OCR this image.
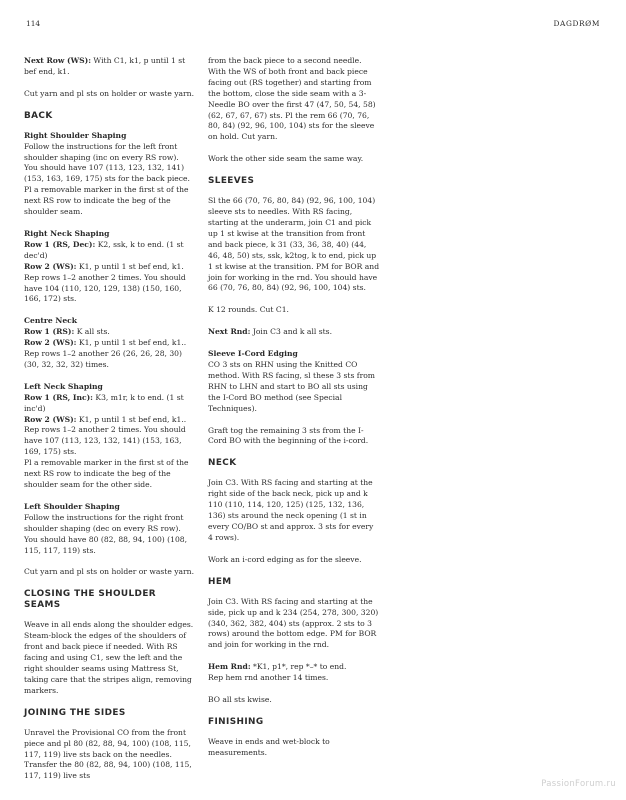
114	DAGDRØM

Next Row (WS): With C1, k1, p until 1 st bef end, k1.

Cut yarn and pl sts on holder or waste yarn.

BACK

Right Shoulder Shaping
Follow the instructions for the left front shoulder shaping (inc on every RS row). You should have 107 (113, 123, 132, 141) (153, 163, 169, 175) sts for the back piece.
Pl a removable marker in the first st of the next RS row to indicate the beg of the shoulder seam.

Right Neck Shaping
Row 1 (RS, Dec): K2, ssk, k to end. (1 st dec'd)
Row 2 (WS): K1, p until 1 st bef end, k1.
Rep rows 1–2 another 2 times. You should have 104 (110, 120, 129, 138) (150, 160, 166, 172) sts.

Centre Neck
Row 1 (RS): K all sts.
Row 2 (WS): K1, p until 1 st bef end, k1..
Rep rows 1–2 another 26 (26, 26, 28, 30) (30, 32, 32, 32) times.

Left Neck Shaping
Row 1 (RS, Inc): K3, m1r, k to end. (1 st inc'd)
Row 2 (WS): K1, p until 1 st bef end, k1..
Rep rows 1–2 another 2 times. You should have 107 (113, 123, 132, 141) (153, 163, 169, 175) sts.
Pl a removable marker in the first st of the next RS row to indicate the beg of the shoulder seam for the other side.

Left Shoulder Shaping
Follow the instructions for the right front shoulder shaping (dec on every RS row). You should have 80 (82, 88, 94, 100) (108, 115, 117, 119) sts.

Cut yarn and pl sts on holder or waste yarn.

CLOSING THE SHOULDER SEAMS

Weave in all ends along the shoulder edges. Steam-block the edges of the shoulders of front and back piece if needed. With RS facing and using C1, sew the left and the right shoulder seams using Mattress St, taking care that the stripes align, removing markers.

JOINING THE SIDES

Unravel the Provisional CO from the front piece and pl 80 (82, 88, 94, 100) (108, 115, 117, 119) live sts back on the needles. Transfer the 80 (82, 88, 94, 100) (108, 115, 117, 119) live sts

from the back piece to a second needle. With the WS of both front and back piece facing out (RS together) and starting from the bottom, close the side seam with a 3-Needle BO over the first 47 (47, 50, 54, 58) (62, 67, 67, 67) sts. Pl the rem 66 (70, 76, 80, 84) (92, 96, 100, 104) sts for the sleeve on hold. Cut yarn.

Work the other side seam the same way.

SLEEVES

Sl the 66 (70, 76, 80, 84) (92, 96, 100, 104) sleeve sts to needles. With RS facing, starting at the underarm, join C1 and pick up 1 st kwise at the transition from front and back piece, k 31 (33, 36, 38, 40) (44, 46, 48, 50) sts, ssk, k2tog, k to end, pick up 1 st kwise at the transition. PM for BOR and join for working in the rnd. You should have 66 (70, 76, 80, 84) (92, 96, 100, 104) sts.

K 12 rounds. Cut C1.

Next Rnd: Join C3 and k all sts.

Sleeve I-Cord Edging
CO 3 sts on RHN using the Knitted CO method. With RS facing, sl these 3 sts from RHN to LHN and start to BO all sts using the I-Cord BO method (see Special Techniques).

Graft tog the remaining 3 sts from the I-Cord BO with the beginning of the i-cord.

NECK

Join C3. With RS facing and starting at the right side of the back neck, pick up and k 110 (110, 114, 120, 125) (125, 132, 136, 136) sts around the neck opening (1 st in every CO/BO st and approx. 3 sts for every 4 rows).

Work an i-cord edging as for the sleeve.

HEM

Join C3. With RS facing and starting at the side, pick up and k 234 (254, 278, 300, 320) (340, 362, 382, 404) sts (approx. 2 sts to 3 rows) around the bottom edge. PM for BOR and join for working in the rnd.

Hem Rnd: *K1, p1*, rep *–* to end.
Rep hem rnd another 14 times.

BO all sts kwise.

FINISHING

Weave in ends and wet-block to measurements.

PassionForum.ru
